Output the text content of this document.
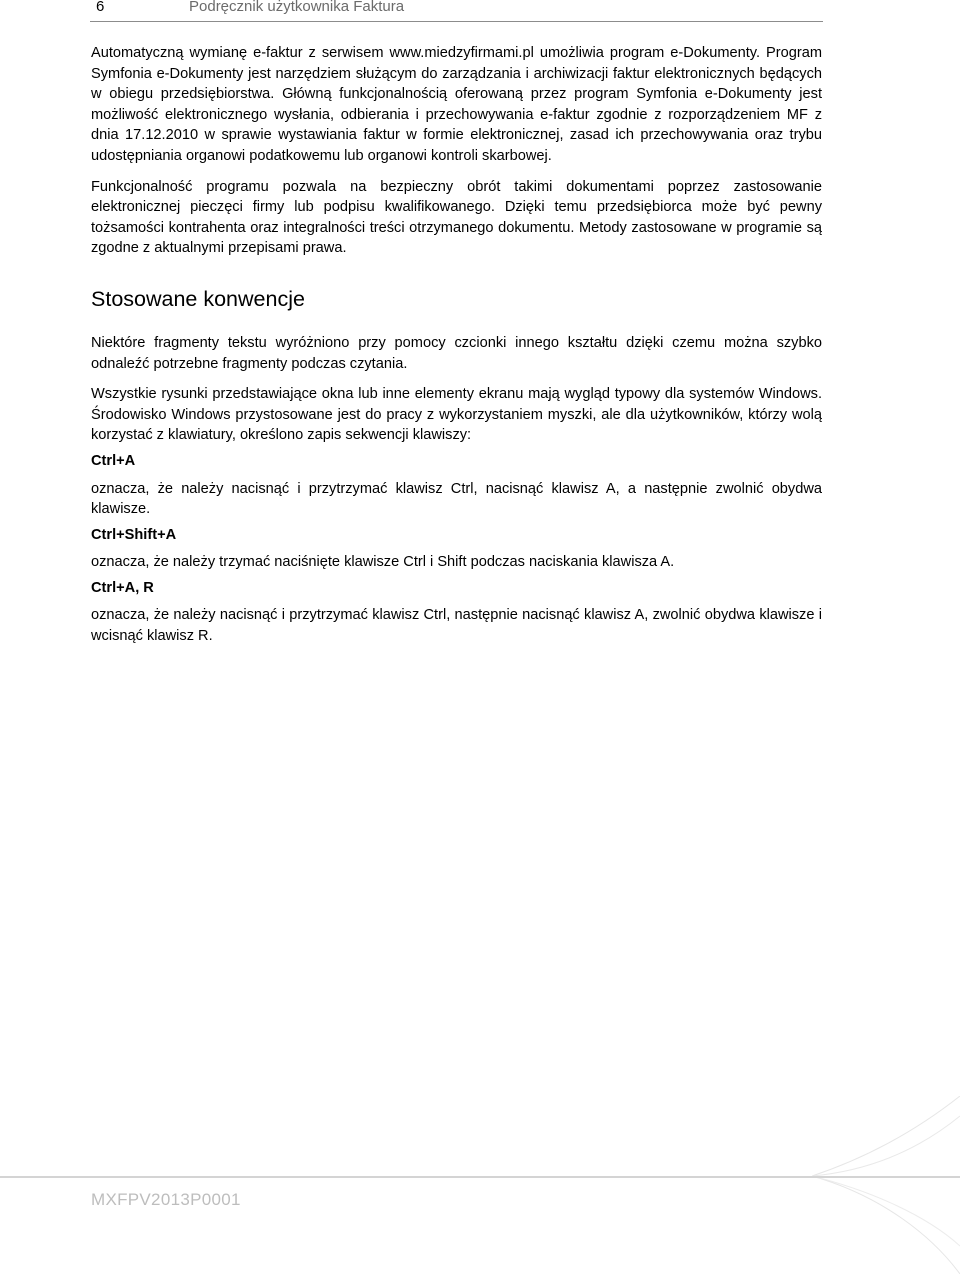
6	Podręcznik użytkownika Faktura

Automatyczną wymianę e-faktur z serwisem www.miedzyfirmami.pl umożliwia program e-Dokumenty. Program Symfonia e-Dokumenty jest narzędziem służącym do zarządzania i archiwizacji faktur elektronicznych będących w obiegu przedsiębiorstwa. Główną funkcjonalnością oferowaną przez program Symfonia e-Dokumenty jest możliwość elektronicznego wysłania, odbierania i przechowywania e-faktur zgodnie z rozporządzeniem MF z dnia 17.12.2010 w sprawie wystawiania faktur w formie elektronicznej, zasad ich przechowywania oraz trybu udostępniania organowi podatkowemu lub organowi kontroli skarbowej.

Funkcjonalność programu pozwala na bezpieczny obrót takimi dokumentami poprzez zastosowanie elektronicznej pieczęci firmy lub podpisu kwalifikowanego. Dzięki temu przedsiębiorca może być pewny tożsamości kontrahenta oraz integralności treści otrzymanego dokumentu. Metody zastosowane w programie są zgodne z aktualnymi przepisami prawa.

Stosowane konwencje

Niektóre fragmenty tekstu wyróżniono przy pomocy czcionki innego kształtu dzięki czemu można szybko odnaleźć potrzebne fragmenty podczas czytania.

Wszystkie rysunki przedstawiające okna lub inne elementy ekranu mają wygląd typowy dla systemów Windows. Środowisko Windows przystosowane jest do pracy z wykorzystaniem myszki, ale dla użytkowników, którzy wolą korzystać z klawiatury, określono zapis sekwencji klawiszy:

Ctrl+A

oznacza, że należy nacisnąć i przytrzymać klawisz Ctrl, nacisnąć klawisz A, a następnie zwolnić obydwa klawisze.

Ctrl+Shift+A

oznacza, że należy trzymać naciśnięte klawisze Ctrl i Shift podczas naciskania klawisza A.

Ctrl+A, R

oznacza, że należy nacisnąć i przytrzymać klawisz Ctrl, następnie nacisnąć klawisz A, zwolnić obydwa klawisze i wcisnąć klawisz R.

MXFPV2013P0001
